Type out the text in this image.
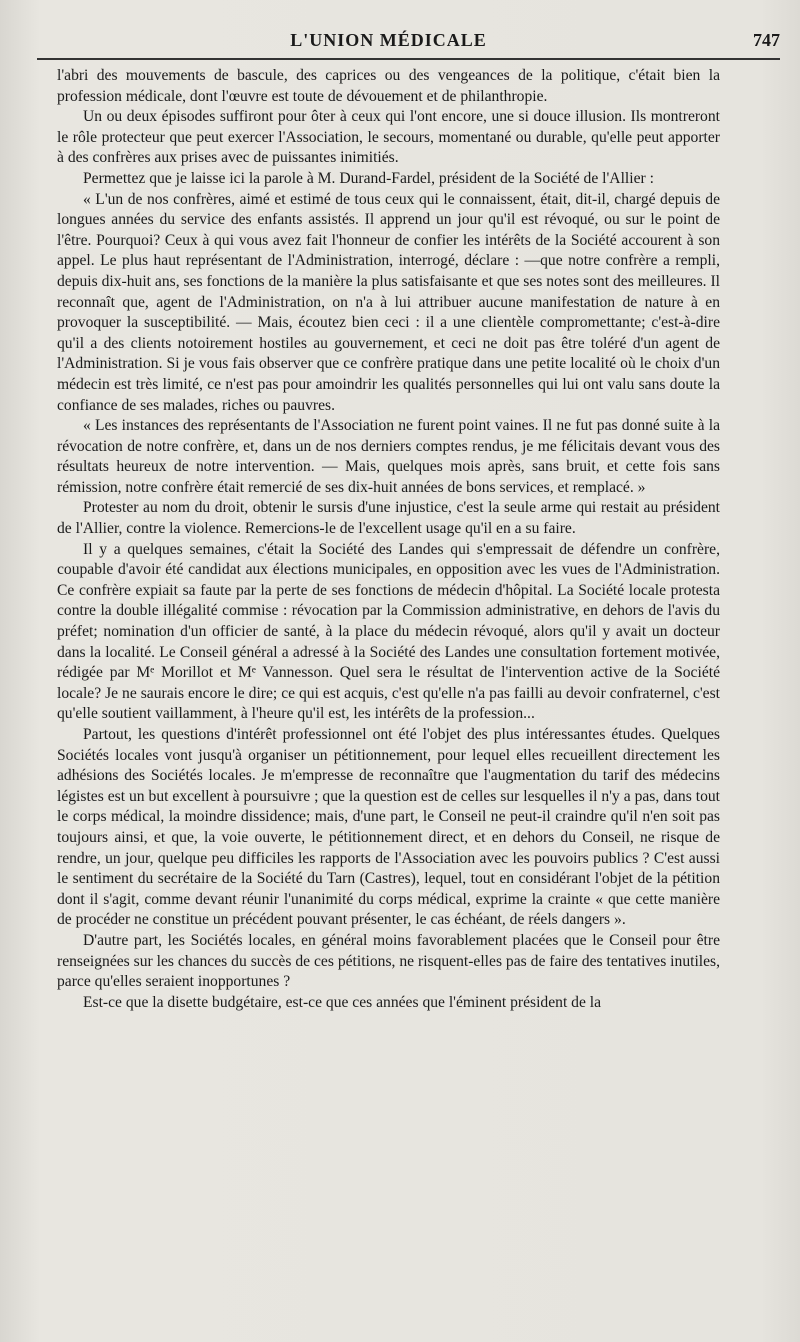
L'UNION MÉDICALE	747

l'abri des mouvements de bascule, des caprices ou des vengeances de la politique, c'était bien la profession médicale, dont l'œuvre est toute de dévouement et de philanthropie.

Un ou deux épisodes suffiront pour ôter à ceux qui l'ont encore, une si douce illusion. Ils montreront le rôle protecteur que peut exercer l'Association, le secours, momentané ou durable, qu'elle peut apporter à des confrères aux prises avec de puissantes inimitiés.

Permettez que je laisse ici la parole à M. Durand-Fardel, président de la Société de l'Allier :

« L'un de nos confrères, aimé et estimé de tous ceux qui le connaissent, était, dit-il, chargé depuis de longues années du service des enfants assistés. Il apprend un jour qu'il est révoqué, ou sur le point de l'être. Pourquoi? Ceux à qui vous avez fait l'honneur de confier les intérêts de la Société accourent à son appel. Le plus haut représentant de l'Administration, interrogé, déclare : —que notre confrère a rempli, depuis dix-huit ans, ses fonctions de la manière la plus satisfaisante et que ses notes sont des meilleures. Il reconnaît que, agent de l'Administration, on n'a à lui attribuer aucune manifestation de nature à en provoquer la susceptibilité. — Mais, écoutez bien ceci : il a une clientèle compromettante; c'est-à-dire qu'il a des clients notoirement hostiles au gouvernement, et ceci ne doit pas être toléré d'un agent de l'Administration. Si je vous fais observer que ce confrère pratique dans une petite localité où le choix d'un médecin est très limité, ce n'est pas pour amoindrir les qualités personnelles qui lui ont valu sans doute la confiance de ses malades, riches ou pauvres.

« Les instances des représentants de l'Association ne furent point vaines. Il ne fut pas donné suite à la révocation de notre confrère, et, dans un de nos derniers comptes rendus, je me félicitais devant vous des résultats heureux de notre intervention. — Mais, quelques mois après, sans bruit, et cette fois sans rémission, notre confrère était remercié de ses dix-huit années de bons services, et remplacé. »

Protester au nom du droit, obtenir le sursis d'une injustice, c'est la seule arme qui restait au président de l'Allier, contre la violence. Remercions-le de l'excellent usage qu'il en a su faire.

Il y a quelques semaines, c'était la Société des Landes qui s'empressait de défendre un confrère, coupable d'avoir été candidat aux élections municipales, en opposition avec les vues de l'Administration. Ce confrère expiait sa faute par la perte de ses fonctions de médecin d'hôpital. La Société locale protesta contre la double illégalité commise : révocation par la Commission administrative, en dehors de l'avis du préfet; nomination d'un officier de santé, à la place du médecin révoqué, alors qu'il y avait un docteur dans la localité. Le Conseil général a adressé à la Société des Landes une consultation fortement motivée, rédigée par Mᵉ Morillot et Mᵉ Vannesson. Quel sera le résultat de l'intervention active de la Société locale? Je ne saurais encore le dire; ce qui est acquis, c'est qu'elle n'a pas failli au devoir confraternel, c'est qu'elle soutient vaillamment, à l'heure qu'il est, les intérêts de la profession...

Partout, les questions d'intérêt professionnel ont été l'objet des plus intéressantes études. Quelques Sociétés locales vont jusqu'à organiser un pétitionnement, pour lequel elles recueillent directement les adhésions des Sociétés locales. Je m'empresse de reconnaître que l'augmentation du tarif des médecins légistes est un but excellent à poursuivre ; que la question est de celles sur lesquelles il n'y a pas, dans tout le corps médical, la moindre dissidence; mais, d'une part, le Conseil ne peut-il craindre qu'il n'en soit pas toujours ainsi, et que, la voie ouverte, le pétitionnement direct, et en dehors du Conseil, ne risque de rendre, un jour, quelque peu difficiles les rapports de l'Association avec les pouvoirs publics ? C'est aussi le sentiment du secrétaire de la Société du Tarn (Castres), lequel, tout en considérant l'objet de la pétition dont il s'agit, comme devant réunir l'unanimité du corps médical, exprime la crainte « que cette manière de procéder ne constitue un précédent pouvant présenter, le cas échéant, de réels dangers ».

D'autre part, les Sociétés locales, en général moins favorablement placées que le Conseil pour être renseignées sur les chances du succès de ces pétitions, ne risquent-elles pas de faire des tentatives inutiles, parce qu'elles seraient inopportunes ?

Est-ce que la disette budgétaire, est-ce que ces années que l'éminent président de la
